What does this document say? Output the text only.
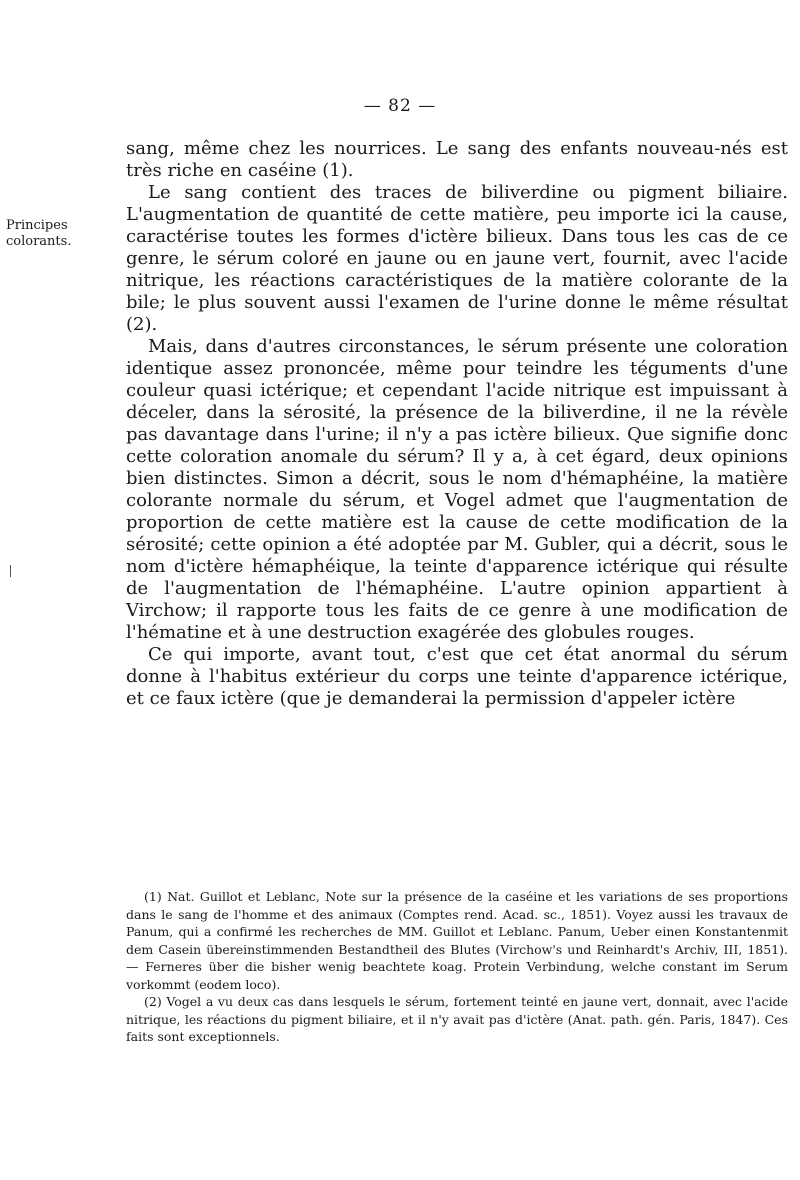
— 82 —
Principes colorants.

sang, même chez les nourrices. Le sang des enfants nouveau-nés est très riche en caséine (1).

Le sang contient des traces de biliverdine ou pigment biliaire. L'augmentation de quantité de cette matière, peu importe ici la cause, caractérise toutes les formes d'ictère bilieux. Dans tous les cas de ce genre, le sérum coloré en jaune ou en jaune vert, fournit, avec l'acide nitrique, les réactions caractéristiques de la matière colorante de la bile; le plus souvent aussi l'examen de l'urine donne le même résultat (2).

Mais, dans d'autres circonstances, le sérum présente une coloration identique assez prononcée, même pour teindre les téguments d'une couleur quasi ictérique; et cependant l'acide nitrique est impuissant à déceler, dans la sérosité, la présence de la biliverdine, il ne la révèle pas davantage dans l'urine; il n'y a pas ictère bilieux. Que signifie donc cette coloration anomale du sérum? Il y a, à cet égard, deux opinions bien distinctes. Simon a décrit, sous le nom d'hémaphéine, la matière colorante normale du sérum, et Vogel admet que l'augmentation de proportion de cette matière est la cause de cette modification de la sérosité; cette opinion a été adoptée par M. Gubler, qui a décrit, sous le nom d'ictère hémaphéique, la teinte d'apparence ictérique qui résulte de l'augmentation de l'hémaphéine. L'autre opinion appartient à Virchow; il rapporte tous les faits de ce genre à une modification de l'hématine et à une destruction exagérée des globules rouges.

Ce qui importe, avant tout, c'est que cet état anormal du sérum donne à l'habitus extérieur du corps une teinte d'apparence ictérique, et ce faux ictère (que je demanderai la permission d'appeler ictère

(1) Nat. Guillot et Leblanc, Note sur la présence de la caséine et les variations de ses proportions dans le sang de l'homme et des animaux (Comptes rend. Acad. sc., 1851). Voyez aussi les travaux de Panum, qui a confirmé les recherches de MM. Guillot et Leblanc. Panum, Ueber einen Konstantenmit dem Casein übereinstimmenden Bestandtheil des Blutes (Virchow's und Reinhardt's Archiv, III, 1851). — Ferneres über die bisher wenig beachtete koag. Protein Verbindung, welche constant im Serum vorkommt (eodem loco).

(2) Vogel a vu deux cas dans lesquels le sérum, fortement teinté en jaune vert, donnait, avec l'acide nitrique, les réactions du pigment biliaire, et il n'y avait pas d'ictère (Anat. path. gén. Paris, 1847). Ces faits sont exceptionnels.
